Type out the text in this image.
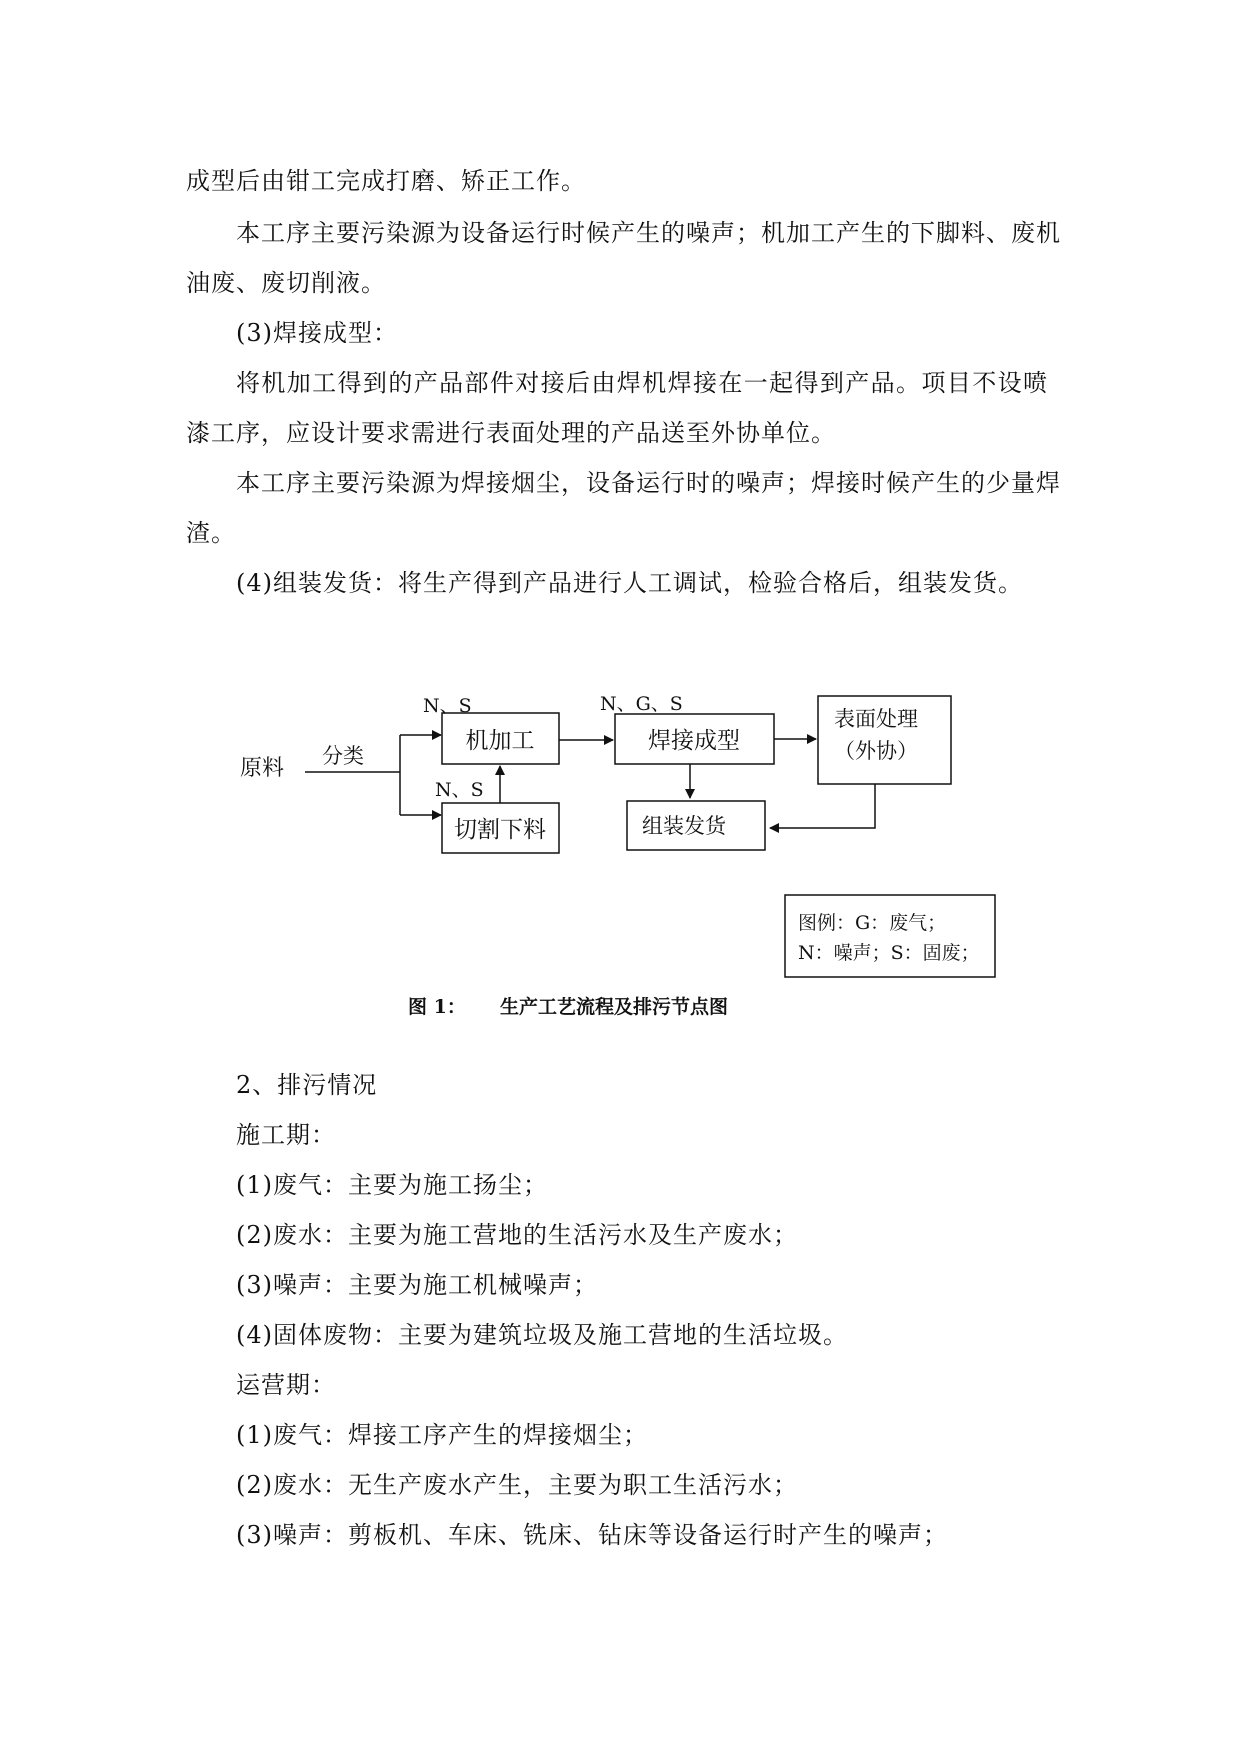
成型后由钳工完成打磨、矫正工作。
本工序主要污染源为设备运行时候产生的噪声；机加工产生的下脚料、废机
油废、废切削液。
(3)焊接成型：
将机加工得到的产品部件对接后由焊机焊接在一起得到产品。项目不设喷
漆工序，应设计要求需进行表面处理的产品送至外协单位。
本工序主要污染源为焊接烟尘，设备运行时的噪声；焊接时候产生的少量焊
渣。
(4)组装发货：将生产得到产品进行人工调试，检验合格后，组装发货。
原料 分类
机加工
N、S
切割下料
N、S
焊接成型
N、G、S
表面处理
（外协）
组装发货
图例：G：废气；
N：噪声；S：固废；
图 1： 生产工艺流程及排污节点图
2、排污情况
施工期：
(1)废气：主要为施工扬尘；
(2)废水：主要为施工营地的生活污水及生产废水；
(3)噪声：主要为施工机械噪声；
(4)固体废物：主要为建筑垃圾及施工营地的生活垃圾。
运营期：
(1)废气：焊接工序产生的焊接烟尘；
(2)废水：无生产废水产生，主要为职工生活污水；
(3)噪声：剪板机、车床、铣床、钻床等设备运行时产生的噪声；
